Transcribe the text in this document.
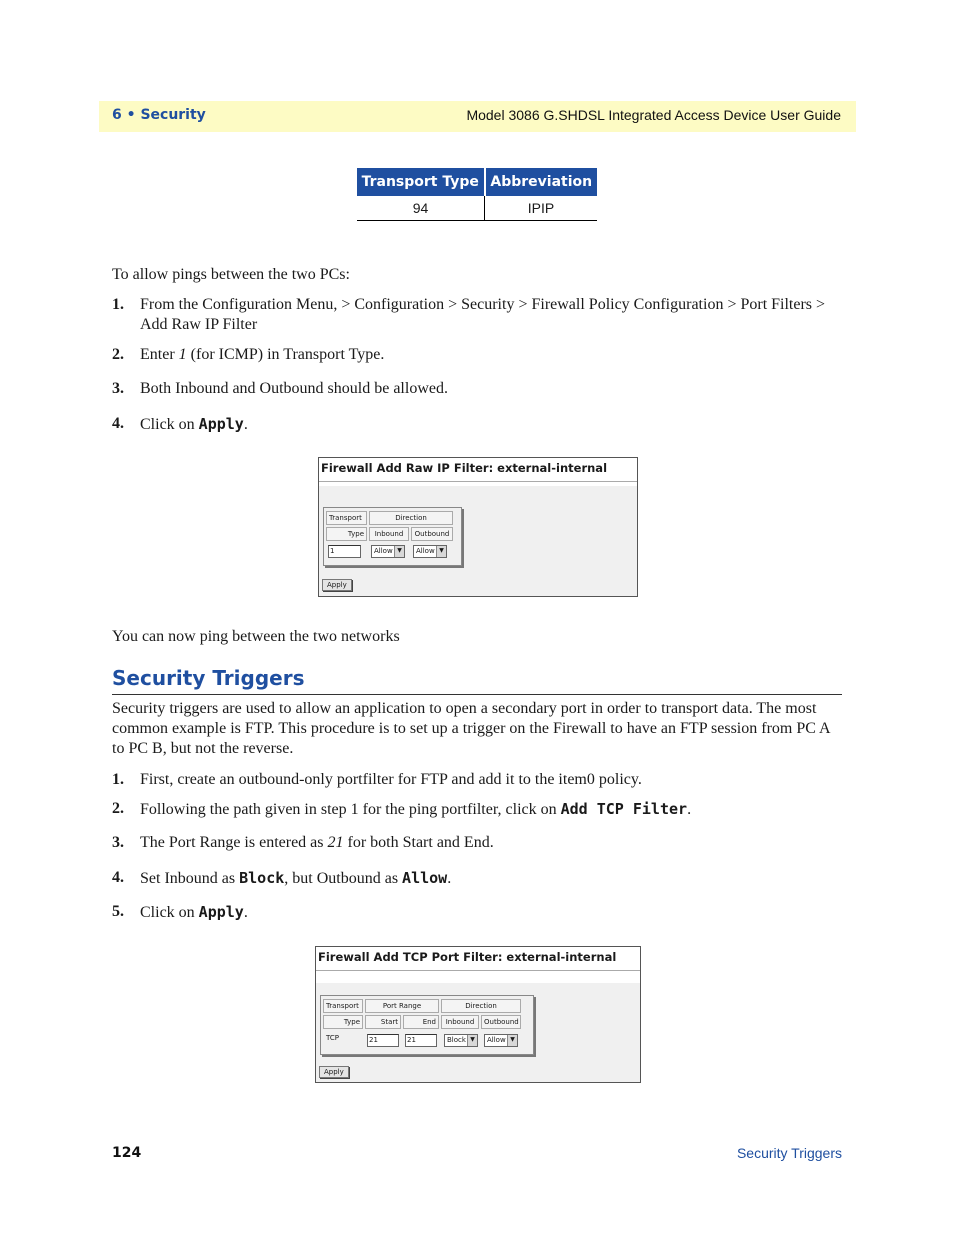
6 • Security	Model 3086 G.SHDSL Integrated Access Device User Guide
Transport Type	Abbreviation
94	IPIP
To allow pings between the two PCs:
1. From the Configuration Menu, > Configuration > Security > Firewall Policy Configuration > Port Filters > Add Raw IP Filter
2. Enter 1 (for ICMP) in Transport Type.
3. Both Inbound and Outbound should be allowed.
4. Click on Apply.
Firewall Add Raw IP Filter: external-internal
Transport	Direction
Type	Inbound	Outbound
1	Allow ▼	Allow ▼
Apply
You can now ping between the two networks
Security Triggers
Security triggers are used to allow an application to open a secondary port in order to transport data. The most common example is FTP. This procedure is to set up a trigger on the Firewall to have an FTP session from PC A to PC B, but not the reverse.
1. First, create an outbound-only portfilter for FTP and add it to the item0 policy.
2. Following the path given in step 1 for the ping portfilter, click on Add TCP Filter.
3. The Port Range is entered as 21 for both Start and End.
4. Set Inbound as Block, but Outbound as Allow.
5. Click on Apply.
Firewall Add TCP Port Filter: external-internal
Transport	Port Range	Direction
Type	Start	End	Inbound	Outbound
TCP	21	21	Block ▼	Allow ▼
Apply
124	Security Triggers
